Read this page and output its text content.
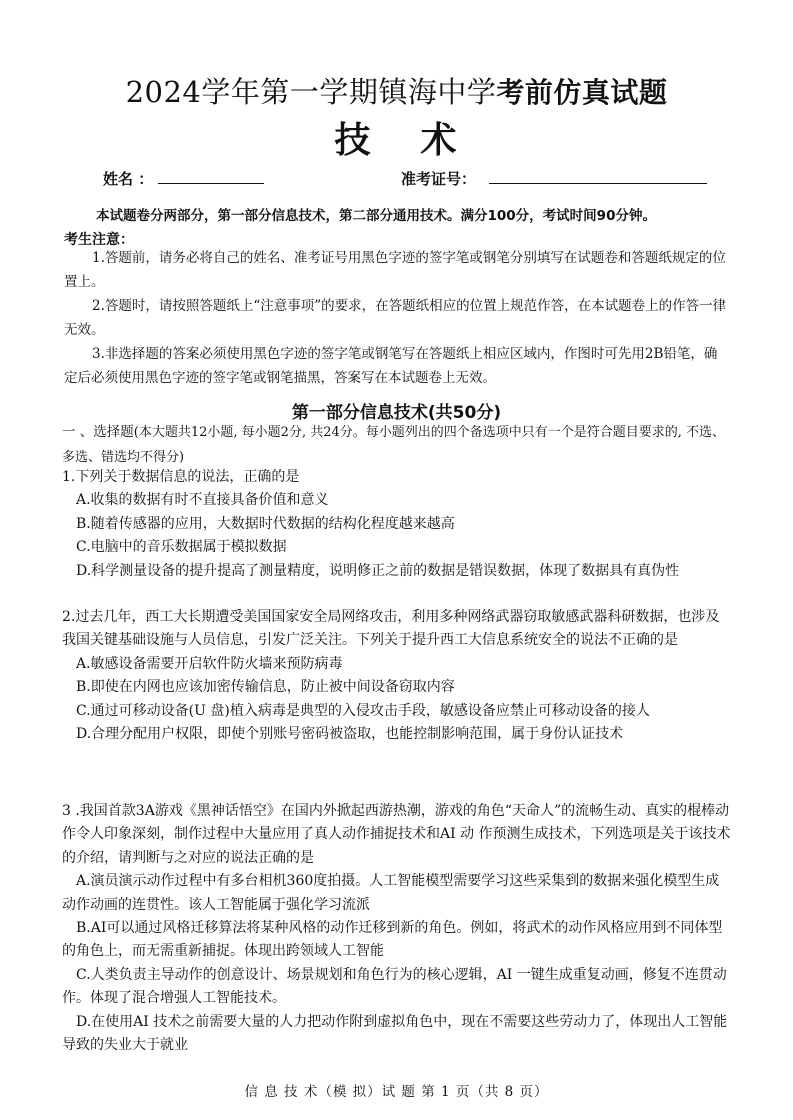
2024学年第一学期镇海中学考前仿真试题
技 术
姓名 ：	准考证号：
本试题卷分两部分，第一部分信息技术，第二部分通用技术。满分100分，考试时间90分钟。
考生注意：
1.答题前，请务必将自己的姓名、准考证号用黑色字迹的签字笔或钢笔分别填写在试题卷和答题纸规定的位置上。
2.答题时，请按照答题纸上“注意事项”的要求，在答题纸相应的位置上规范作答，在本试题卷上的作答一律无效。
3.非选择题的答案必须使用黑色字迹的签字笔或钢笔写在答题纸上相应区域内，作图时可先用2B铅笔，确定后必须使用黑色字迹的签字笔或钢笔描黑，答案写在本试题卷上无效。
第一部分信息技术(共50分)
一 、选择题(本大题共12小题, 每小题2分, 共24分。每小题列出的四个备选项中只有一个是符合题目要求的, 不选、多选、错选均不得分)

1.下列关于数据信息的说法，正确的是

A.收集的数据有时不直接具备价值和意义

B.随着传感器的应用，大数据时代数据的结构化程度越来越高

C.电脑中的音乐数据属于模拟数据

D.科学测量设备的提升提高了测量精度，说明修正之前的数据是错误数据，体现了数据具有真伪性

2.过去几年，西工大长期遭受美国国家安全局网络攻击，利用多种网络武器窃取敏感武器科研数据，也涉及我国关键基础设施与人员信息，引发广泛关注。下列关于提升西工大信息系统安全的说法不正确的是

A.敏感设备需要开启软件防火墙来预防病毒

B.即使在内网也应该加密传输信息，防止被中间设备窃取内容

C.通过可移动设备(U 盘)植入病毒是典型的入侵攻击手段，敏感设备应禁止可移动设备的接人

D.合理分配用户权限，即使个别账号密码被盗取，也能控制影响范围，属于身份认证技术

3 .我国首款3A游戏《黑神话悟空》在国内外掀起西游热潮，游戏的角色“天命人”的流畅生动、真实的棍棒动作令人印象深刻，制作过程中大量应用了真人动作捕捉技术和AI 动 作预测生成技术，下列选项是关于该技术的介绍，请判断与之对应的说法正确的是

A.演员演示动作过程中有多台相机360度拍摄。人工智能模型需要学习这些采集到的数据来强化模型生成动作动画的连贯性。该人工智能属于强化学习流派

B.AI可以通过风格迁移算法将某种风格的动作迁移到新的角色。例如，将武术的动作风格应用到不同体型的角色上，而无需重新捕捉。体现出跨领域人工智能

C.人类负责主导动作的创意设计、场景规划和角色行为的核心逻辑，AI 一键生成重复动画，修复不连贯动作。体现了混合增强人工智能技术。

D.在使用AI 技术之前需要大量的人力把动作附到虚拟角色中，现在不需要这些劳动力了，体现出人工智能导致的失业大于就业

信 息 技 术（模 拟）试 题 第 1 页（共 8 页）
